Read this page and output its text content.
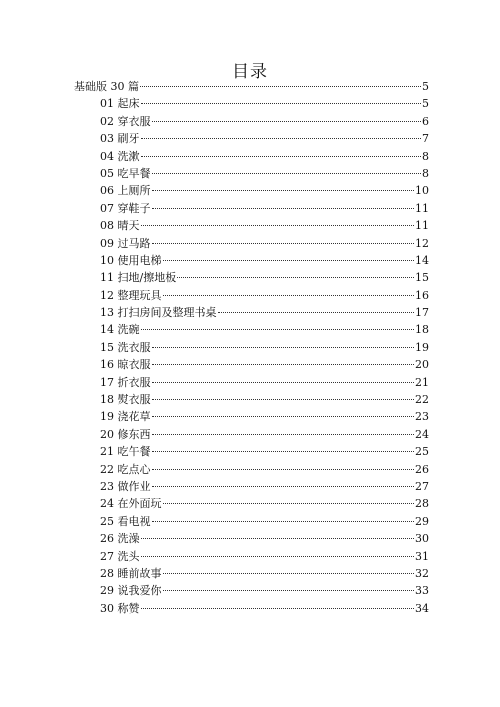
目录
基础版 30 篇	5
01 起床	5
02 穿衣服	6
03 刷牙	7
04 洗漱	8
05 吃早餐	8
06 上厕所	10
07 穿鞋子	11
08 晴天	11
09 过马路	12
10 使用电梯	14
11 扫地/擦地板	15
12 整理玩具	16
13 打扫房间及整理书桌	17
14 洗碗	18
15 洗衣服	19
16 晾衣服	20
17 折衣服	21
18 熨衣服	22
19 浇花草	23
20 修东西	24
21 吃午餐	25
22 吃点心	26
23 做作业	27
24 在外面玩	28
25 看电视	29
26 洗澡	30
27 洗头	31
28 睡前故事	32
29 说我爱你	33
30 称赞	34
